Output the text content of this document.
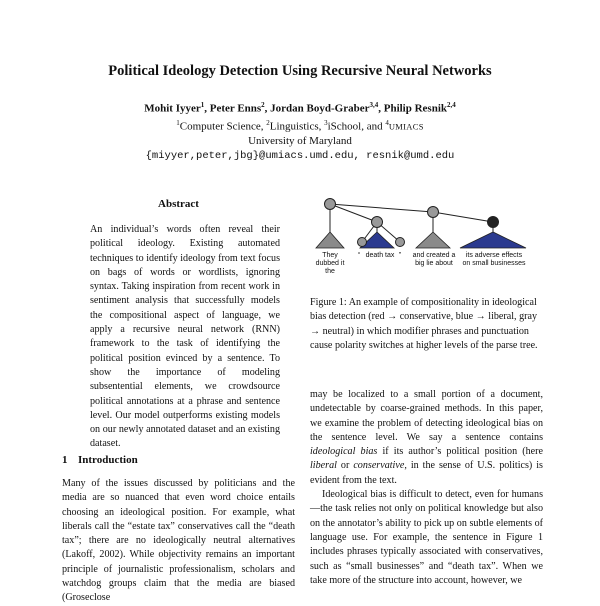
Political Ideology Detection Using Recursive Neural Networks
Mohit Iyyer$^1$, Peter Enns$^2$, Jordan Boyd-Graber$^{3,4}$, Philip Resnik$^{2,4}$
$^1$Computer Science, $^2$Linguistics, $^3$iSchool, and $^4$UMIACS
University of Maryland
{miyyer,peter,jbg}@umiacs.umd.edu, resnik@umd.edu
Abstract
An individual’s words often reveal their political ideology. Existing automated techniques to identify ideology from text focus on bags of words or wordlists, ignoring syntax. Taking inspiration from recent work in sentiment analysis that successfully models the compositional aspect of language, we apply a recursive neural network (RNN) framework to the task of identifying the political position evinced by a sentence. To show the importance of modeling subsentential elements, we crowdsource political annotations at a phrase and sentence level. Our model outperforms existing models on our newly annotated dataset and an existing dataset.
1 Introduction
Many of the issues discussed by politicians and the media are so nuanced that even word choice entails choosing an ideological position. For example, what liberals call the “estate tax” conservatives call the “death tax”; there are no ideologically neutral alternatives (Lakoff, 2002). While objectivity remains an important principle of journalistic professionalism, scholars and watchdog groups claim that the media are biased (Groseclose
They dubbed it the
“ death tax ”	and created a big lie about
its adverse effects on small businesses
Figure 1: An example of compositionality in ideological bias detection (red → conservative, blue → liberal, gray → neutral) in which modifier phrases and punctuation cause polarity switches at higher levels of the parse tree.

may be localized to a small portion of a document, undetectable by coarse-grained methods. In this paper, we examine the problem of detecting ideological bias on the sentence level. We say a sentence contains ideological bias if its author’s political position (here liberal or conservative, in the sense of U.S. politics) is evident from the text.

Ideological bias is difficult to detect, even for humans—the task relies not only on political knowledge but also on the annotator’s ability to pick up on subtle elements of language use. For example, the sentence in Figure 1 includes phrases typically associated with conservatives, such as “small businesses” and “death tax”. When we take more of the structure into account, however, we
